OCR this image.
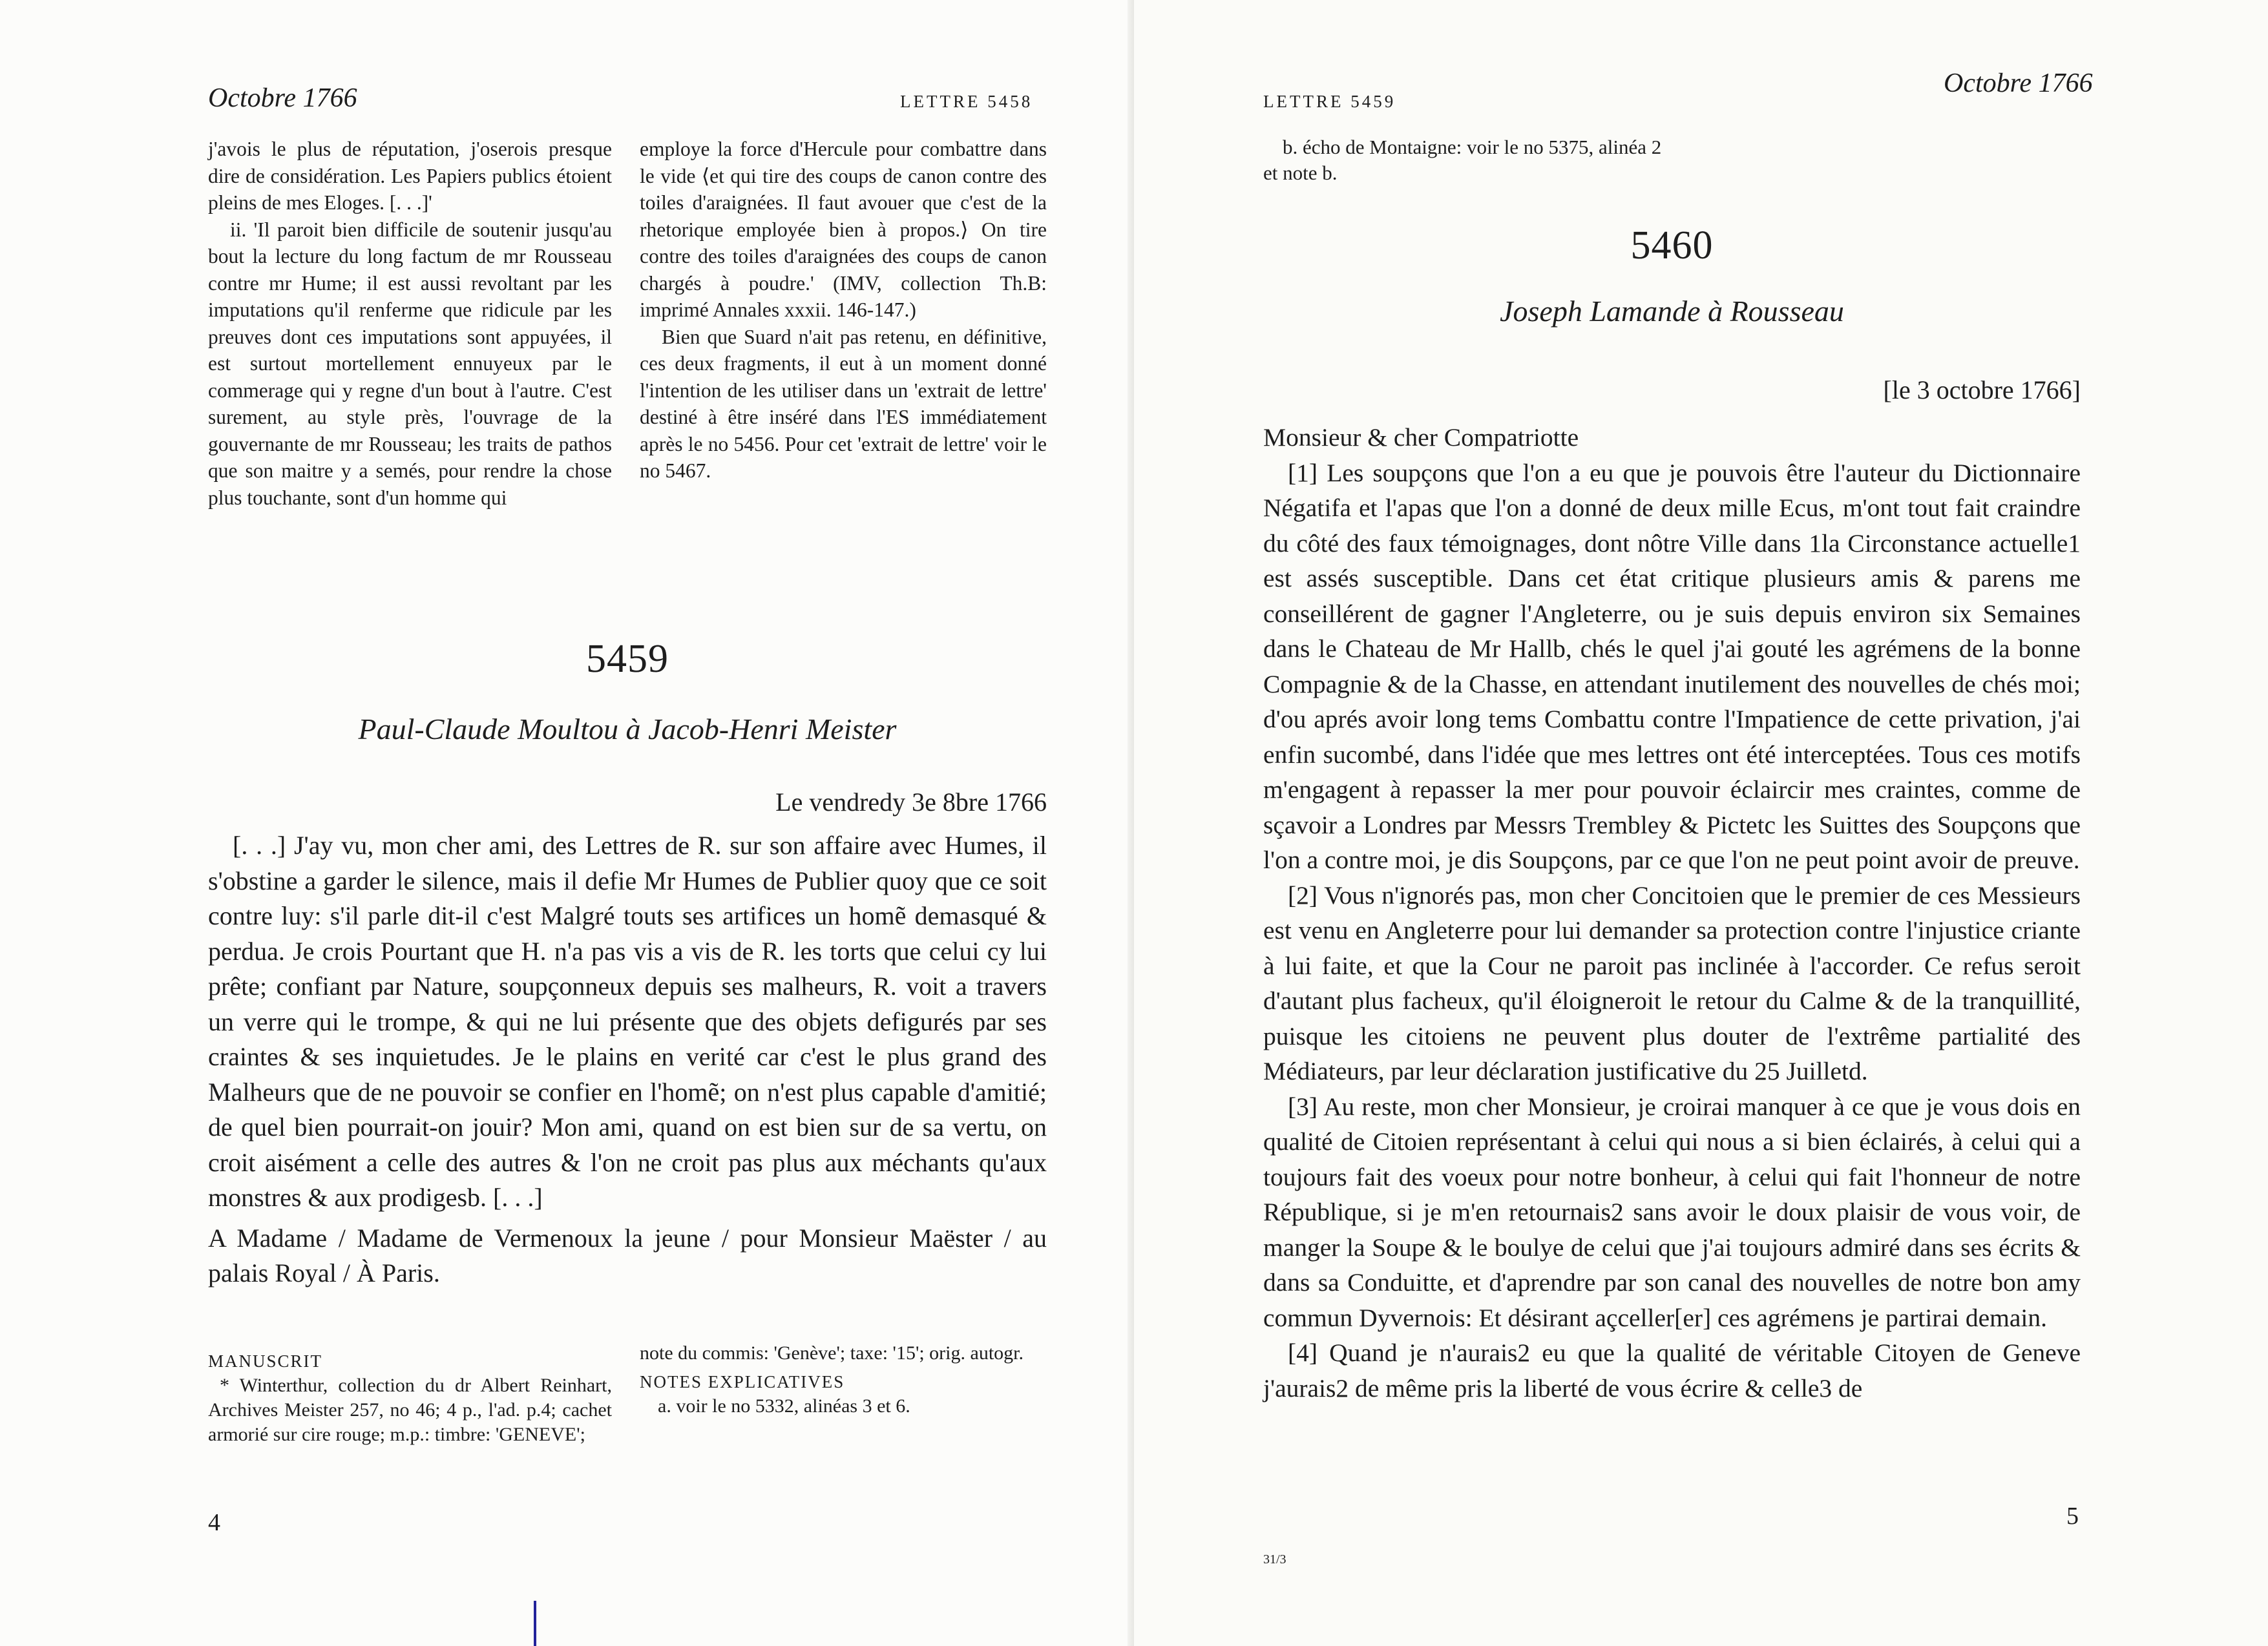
Octobre 1766	LETTRE 5458

j'avois le plus de réputation, j'oserois presque dire de considération. Les Papiers publics étoient pleins de mes Eloges. [. . .]'

ii. 'Il paroit bien difficile de soutenir jusqu'au bout la lecture du long factum de mr Rousseau contre mr Hume; il est aussi revoltant par les imputations qu'il renferme que ridicule par les preuves dont ces imputations sont appuyées, il est surtout mortellement ennuyeux par le commerage qui y regne d'un bout à l'autre. C'est surement, au style près, l'ouvrage de la gouvernante de mr Rousseau; les traits de pathos que son maitre y a semés, pour rendre la chose plus touchante, sont d'un homme qui

employe la force d'Hercule pour combattre dans le vide ⟨et qui tire des coups de canon contre des toiles d'araignées. Il faut avouer que c'est de la rhetorique employée bien à propos.⟩ On tire contre des toiles d'araignées des coups de canon chargés à poudre.' (IMV, collection Th.B: imprimé Annales xxxii. 146-147.)

Bien que Suard n'ait pas retenu, en définitive, ces deux fragments, il eut à un moment donné l'intention de les utiliser dans un 'extrait de lettre' destiné à être inséré dans l'ES immédiatement après le no 5456. Pour cet 'extrait de lettre' voir le no 5467.

5459
Paul-Claude Moultou à Jacob-Henri Meister
Le vendredy 3e 8bre 1766

[. . .] J'ay vu, mon cher ami, des Lettres de R. sur son affaire avec Humes, il s'obstine a garder le silence, mais il defie Mr Humes de Publier quoy que ce soit contre luy: s'il parle dit-il c'est Malgré touts ses artifices un homẽ demasqué & perdua. Je crois Pourtant que H. n'a pas vis a vis de R. les torts que celui cy lui prête; confiant par Nature, soupçonneux depuis ses malheurs, R. voit a travers un verre qui le trompe, & qui ne lui présente que des objets defigurés par ses craintes & ses inquietudes. Je le plains en verité car c'est le plus grand des Malheurs que de ne pouvoir se confier en l'homẽ; on n'est plus capable d'amitié; de quel bien pourrait-on jouir? Mon ami, quand on est bien sur de sa vertu, on croit aisément a celle des autres & l'on ne croit pas plus aux méchants qu'aux monstres & aux prodigesb. [. . .]

A Madame / Madame de Vermenoux la jeune / pour Monsieur Maëster / au palais Royal / À Paris.

MANUSCRIT

* Winterthur, collection du dr Albert Reinhart, Archives Meister 257, no 46; 4 p., l'ad. p.4; cachet armorié sur cire rouge; m.p.: timbre: 'GENEVE';

note du commis: 'Genève'; taxe: '15'; orig. autogr.

NOTES EXPLICATIVES

a. voir le no 5332, alinéas 3 et 6.

4
LETTRE 5459
Octobre 1766

b. écho de Montaigne: voir le no 5375, alinéa 2 et note b.

5460
Joseph Lamande à Rousseau
[le 3 octobre 1766]

Monsieur & cher Compatriotte

[1] Les soupçons que l'on a eu que je pouvois être l'auteur du Dictionnaire Négatifa et l'apas que l'on a donné de deux mille Ecus, m'ont tout fait craindre du côté des faux témoignages, dont nôtre Ville dans 1la Circonstance actuelle1 est assés susceptible. Dans cet état critique plusieurs amis & parens me conseillérent de gagner l'Angleterre, ou je suis depuis environ six Semaines dans le Chateau de Mr Hallb, chés le quel j'ai gouté les agrémens de la bonne Compagnie & de la Chasse, en attendant inutilement des nouvelles de chés moi; d'ou aprés avoir long tems Combattu contre l'Impatience de cette privation, j'ai enfin sucombé, dans l'idée que mes lettres ont été interceptées. Tous ces motifs m'engagent à repasser la mer pour pouvoir éclaircir mes craintes, comme de sçavoir a Londres par Messrs Trembley & Pictetc les Suittes des Soupçons que l'on a contre moi, je dis Soupçons, par ce que l'on ne peut point avoir de preuve.

[2] Vous n'ignorés pas, mon cher Concitoien que le premier de ces Messieurs est venu en Angleterre pour lui demander sa protection contre l'injustice criante à lui faite, et que la Cour ne paroit pas inclinée à l'accorder. Ce refus seroit d'autant plus facheux, qu'il éloigneroit le retour du Calme & de la tranquillité, puisque les citoiens ne peuvent plus douter de l'extrême partialité des Médiateurs, par leur déclaration justificative du 25 Juilletd.

[3] Au reste, mon cher Monsieur, je croirai manquer à ce que je vous dois en qualité de Citoien représentant à celui qui nous a si bien éclairés, à celui qui a toujours fait des voeux pour notre bonheur, à celui qui fait l'honneur de notre République, si je m'en retournais2 sans avoir le doux plaisir de vous voir, de manger la Soupe & le boulye de celui que j'ai toujours admiré dans ses écrits & dans sa Conduitte, et d'aprendre par son canal des nouvelles de notre bon amy commun Dyvernois: Et désirant açceller[er] ces agrémens je partirai demain.

[4] Quand je n'aurais2 eu que la qualité de véritable Citoyen de Geneve j'aurais2 de même pris la liberté de vous écrire & celle3 de

5
31/3
